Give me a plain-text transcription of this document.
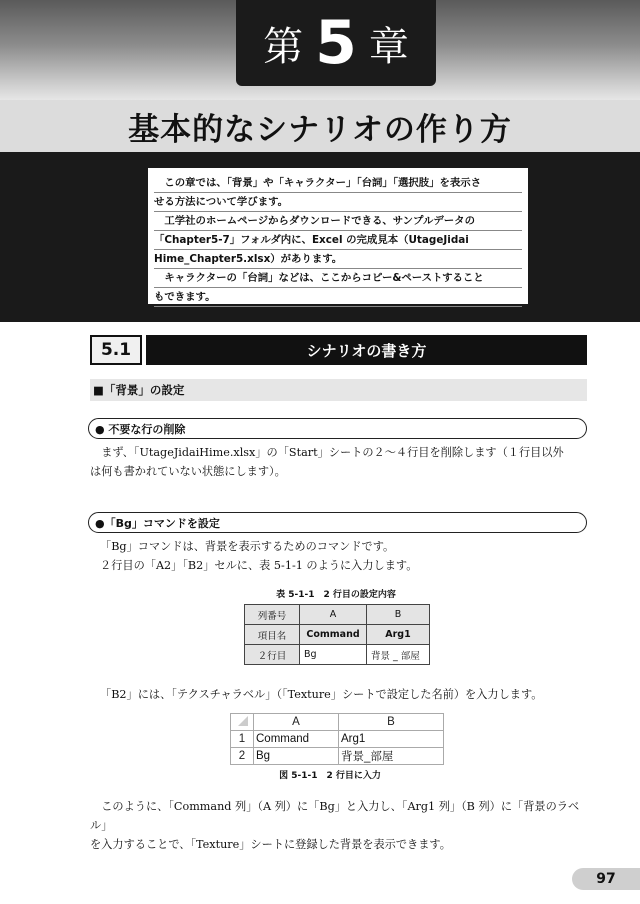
第 5 章
基本的なシナリオの作り方

　この章では、「背景」や「キャラクター」「台詞」「選択肢」を表示さ

せる方法について学びます。

　工学社のホームページからダウンロードできる、サンプルデータの

「Chapter5-7」フォルダ内に、Excel の完成見本（UtageJidai

Hime_Chapter5.xlsx）があります。

　キャラクターの「台詞」などは、ここからコピー&ペーストすること

もできます。

5.1	シナリオの書き方
■「背景」の設定
● 不要な行の削除
　まず、「UtageJidaiHime.xlsx」の「Start」シートの２～４行目を削除します（１行目以外
は何も書かれていない状態にします）。
●「Bg」コマンドを設定
「Bg」コマンドは、背景を表示するためのコマンドです。
２行目の「A2」「B2」セルに、表 5-1-1 のように入力します。
表 5-1-1　2 行目の設定内容
列番号	A	B
項目名	Command	Arg1
２行目	Bg	背景 _ 部屋
「B2」には、「テクスチャラベル」（「Texture」シートで設定した名前）を入力します。
	A	B
1	Command	Arg1
2	Bg	背景_部屋
図 5-1-1　2 行目に入力
　このように、「Command 列」（A 列）に「Bg」と入力し、「Arg1 列」（B 列）に「背景のラベル」
を入力することで、「Texture」シートに登録した背景を表示できます。
97
